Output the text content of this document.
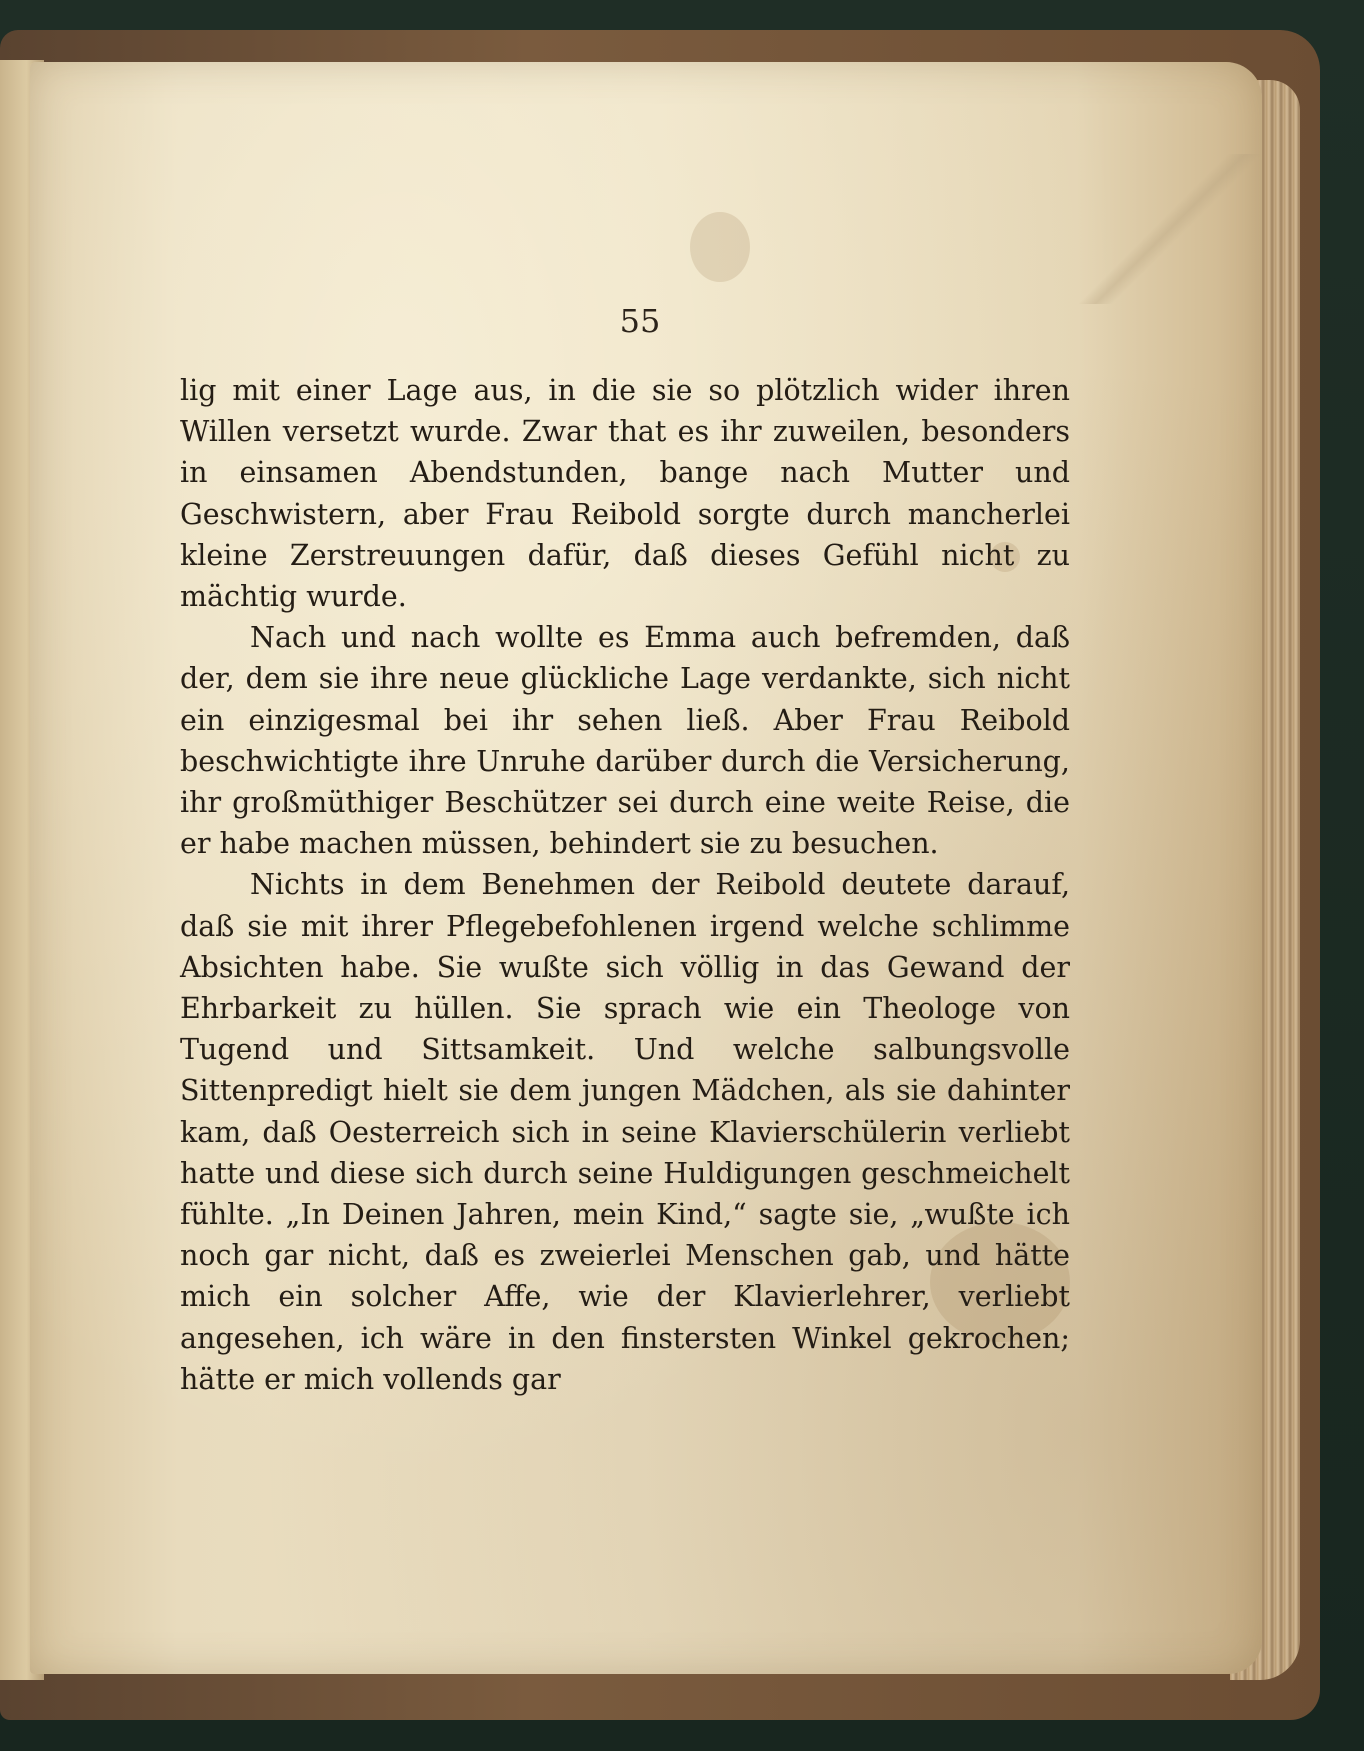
55

lig mit einer Lage aus, in die sie so plötzlich wider ihren Willen versetzt wurde. Zwar that es ihr zuweilen, besonders in einsamen Abendstunden, bange nach Mutter und Geschwistern, aber Frau Reibold sorgte durch mancherlei kleine Zerstreuungen dafür, daß dieses Gefühl nicht zu mächtig wurde.

Nach und nach wollte es Emma auch befremden, daß der, dem sie ihre neue glückliche Lage verdankte, sich nicht ein einzigesmal bei ihr sehen ließ. Aber Frau Reibold beschwichtigte ihre Unruhe darüber durch die Versicherung, ihr großmüthiger Beschützer sei durch eine weite Reise, die er habe machen müssen, behindert sie zu besuchen.

Nichts in dem Benehmen der Reibold deutete darauf, daß sie mit ihrer Pflegebefohlenen irgend welche schlimme Absichten habe. Sie wußte sich völlig in das Gewand der Ehrbarkeit zu hüllen. Sie sprach wie ein Theologe von Tugend und Sittsamkeit. Und welche salbungsvolle Sittenpredigt hielt sie dem jungen Mädchen, als sie dahinter kam, daß Oesterreich sich in seine Klavierschülerin verliebt hatte und diese sich durch seine Huldigungen geschmeichelt fühlte. „In Deinen Jahren, mein Kind,“ sagte sie, „wußte ich noch gar nicht, daß es zweierlei Menschen gab, und hätte mich ein solcher Affe, wie der Klavierlehrer, verliebt angesehen, ich wäre in den finstersten Winkel gekrochen; hätte er mich vollends gar
